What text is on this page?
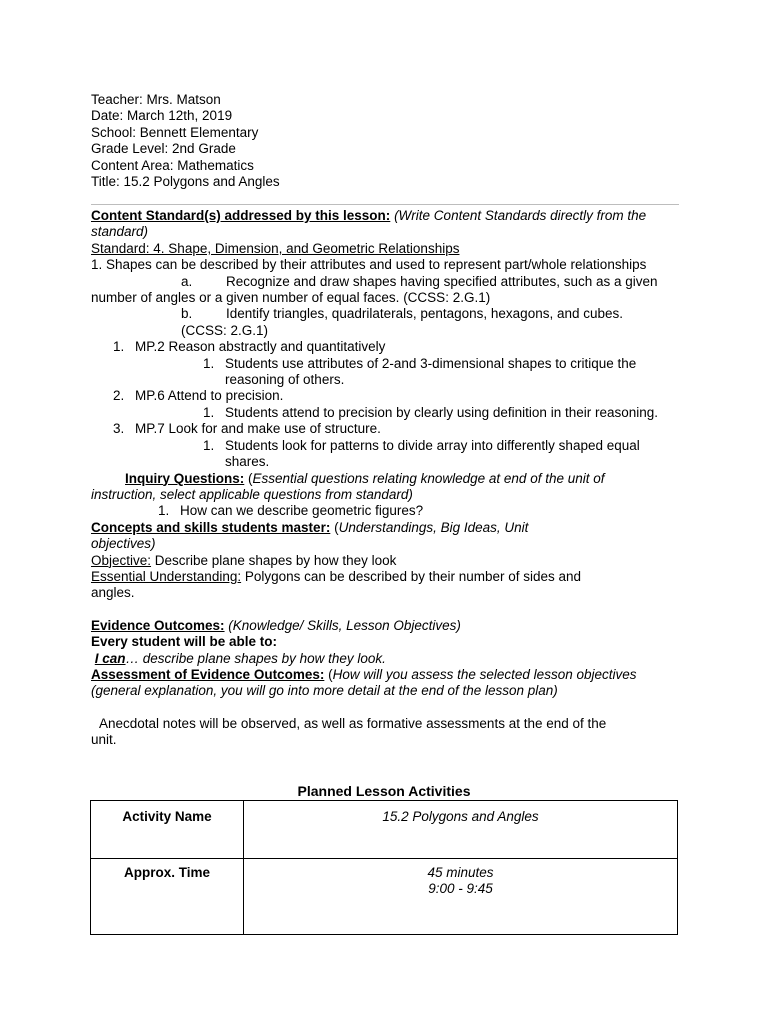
Teacher: Mrs. Matson
Date: March 12th, 2019
School: Bennett Elementary
Grade Level: 2nd Grade
Content Area: Mathematics
Title: 15.2 Polygons and Angles
Content Standard(s) addressed by this lesson: (Write Content Standards directly from the
standard)
Standard: 4. Shape, Dimension, and Geometric Relationships
1. Shapes can be described by their attributes and used to represent part/whole relationships
a. Recognize and draw shapes having specified attributes, such as a given
number of angles or a given number of equal faces. (CCSS: 2.G.1)
b. Identify triangles, quadrilaterals, pentagons, hexagons, and cubes.
(CCSS: 2.G.1)
1. MP.2 Reason abstractly and quantitatively
1. Students use attributes of 2-and 3-dimensional shapes to critique the
reasoning of others.
2. MP.6 Attend to precision.
1. Students attend to precision by clearly using definition in their reasoning.
3. MP.7 Look for and make use of structure.
1. Students look for patterns to divide array into differently shaped equal
shares.
Inquiry Questions: (Essential questions relating knowledge at end of the unit of
instruction, select applicable questions from standard)
1. How can we describe geometric figures?
Concepts and skills students master: (Understandings, Big Ideas, Unit
objectives)
Objective: Describe plane shapes by how they look
Essential Understanding: Polygons can be described by their number of sides and
angles.
Evidence Outcomes: (Knowledge/ Skills, Lesson Objectives)
Every student will be able to:
I can… describe plane shapes by how they look.
Assessment of Evidence Outcomes: (How will you assess the selected lesson objectives
(general explanation, you will go into more detail at the end of the lesson plan)
Anecdotal notes will be observed, as well as formative assessments at the end of the
unit.
Planned Lesson Activities
Activity Name	15.2 Polygons and Angles

Approx. Time	45 minutes
9:00 - 9:45
